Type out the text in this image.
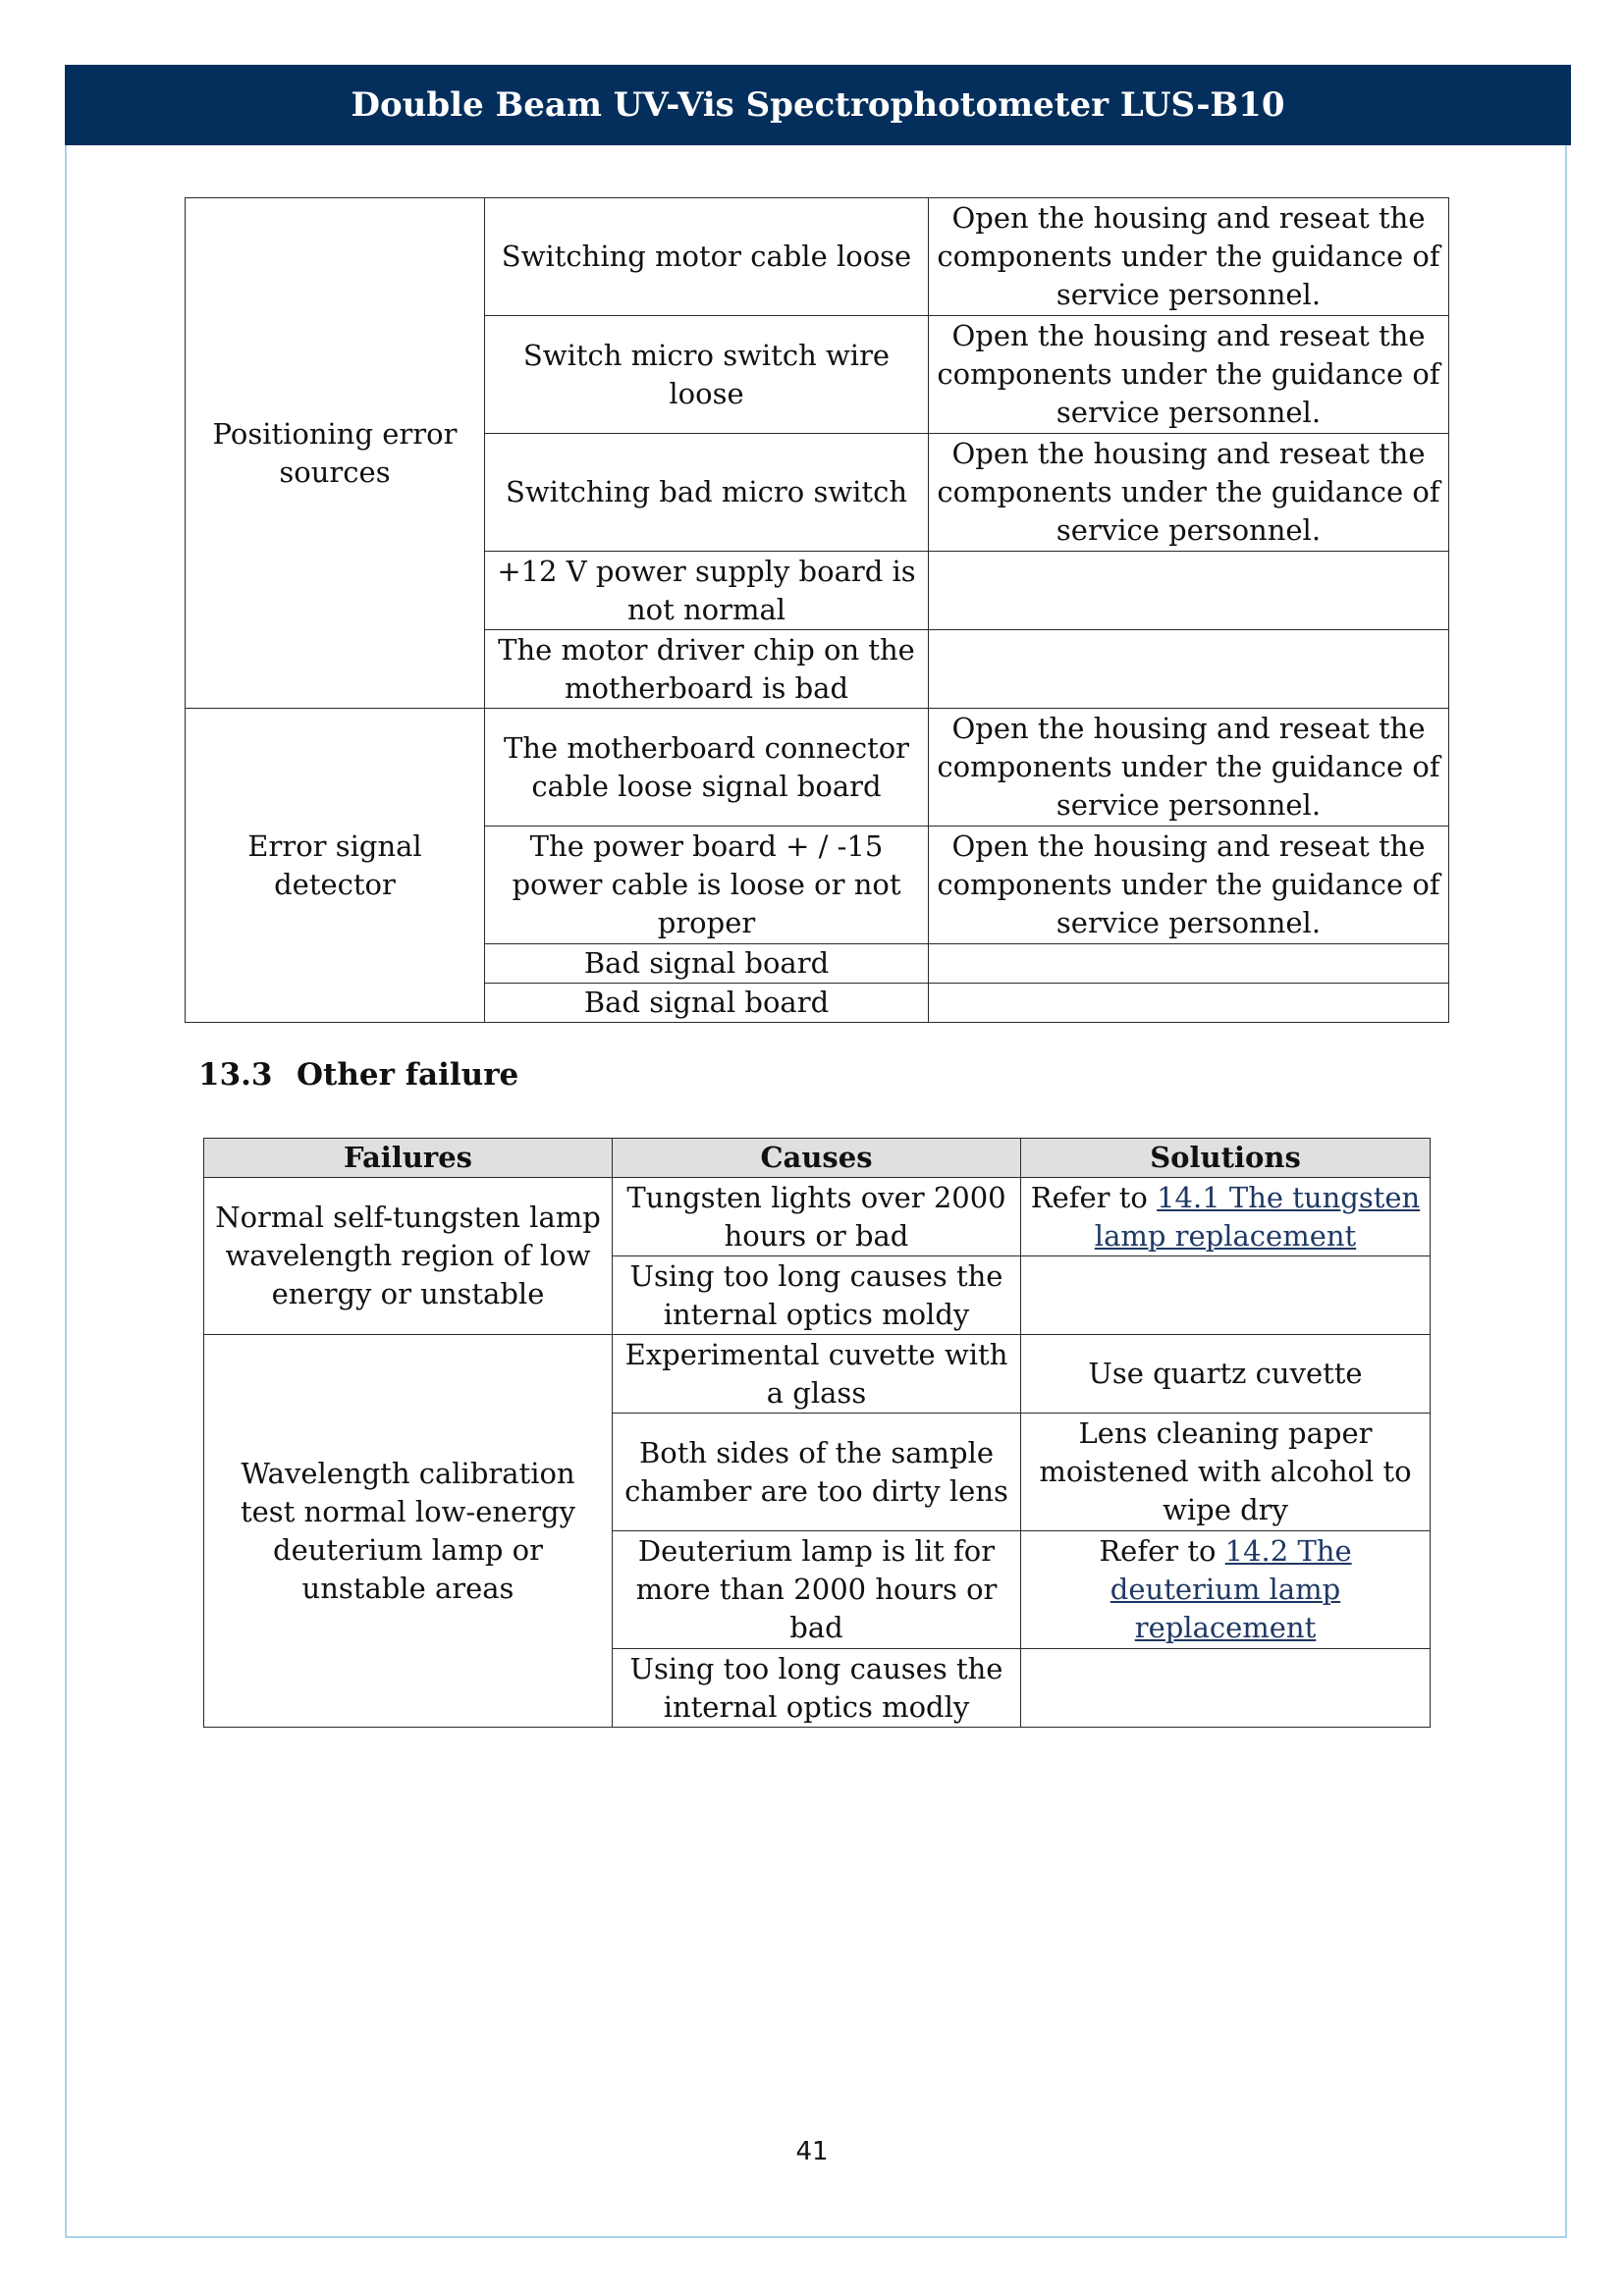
Double Beam UV-Vis Spectrophotometer LUS-B10
Positioning error sources	Switching motor cable loose	Open the housing and reseat the components under the guidance of service personnel.
	Switch micro switch wire loose	Open the housing and reseat the components under the guidance of service personnel.
	Switching bad micro switch	Open the housing and reseat the components under the guidance of service personnel.
	+12 V power supply board is not normal	
	The motor driver chip on the motherboard is bad	
Error signal detector	The motherboard connector cable loose signal board	Open the housing and reseat the components under the guidance of service personnel.
	The power board + / -15 power cable is loose or not proper	Open the housing and reseat the components under the guidance of service personnel.
	Bad signal board	
	Bad signal board	
13.3 Other failure
Failures	Causes	Solutions
Normal self-tungsten lamp wavelength region of low energy or unstable	Tungsten lights over 2000 hours or bad	Refer to 14.1 The tungsten lamp replacement
	Using too long causes the internal optics moldy	
Wavelength calibration test normal low-energy deuterium lamp or unstable areas	Experimental cuvette with a glass	Use quartz cuvette
	Both sides of the sample chamber are too dirty lens	Lens cleaning paper moistened with alcohol to wipe dry
	Deuterium lamp is lit for more than 2000 hours or bad	Refer to 14.2 The deuterium lamp replacement
	Using too long causes the internal optics modly	
41
